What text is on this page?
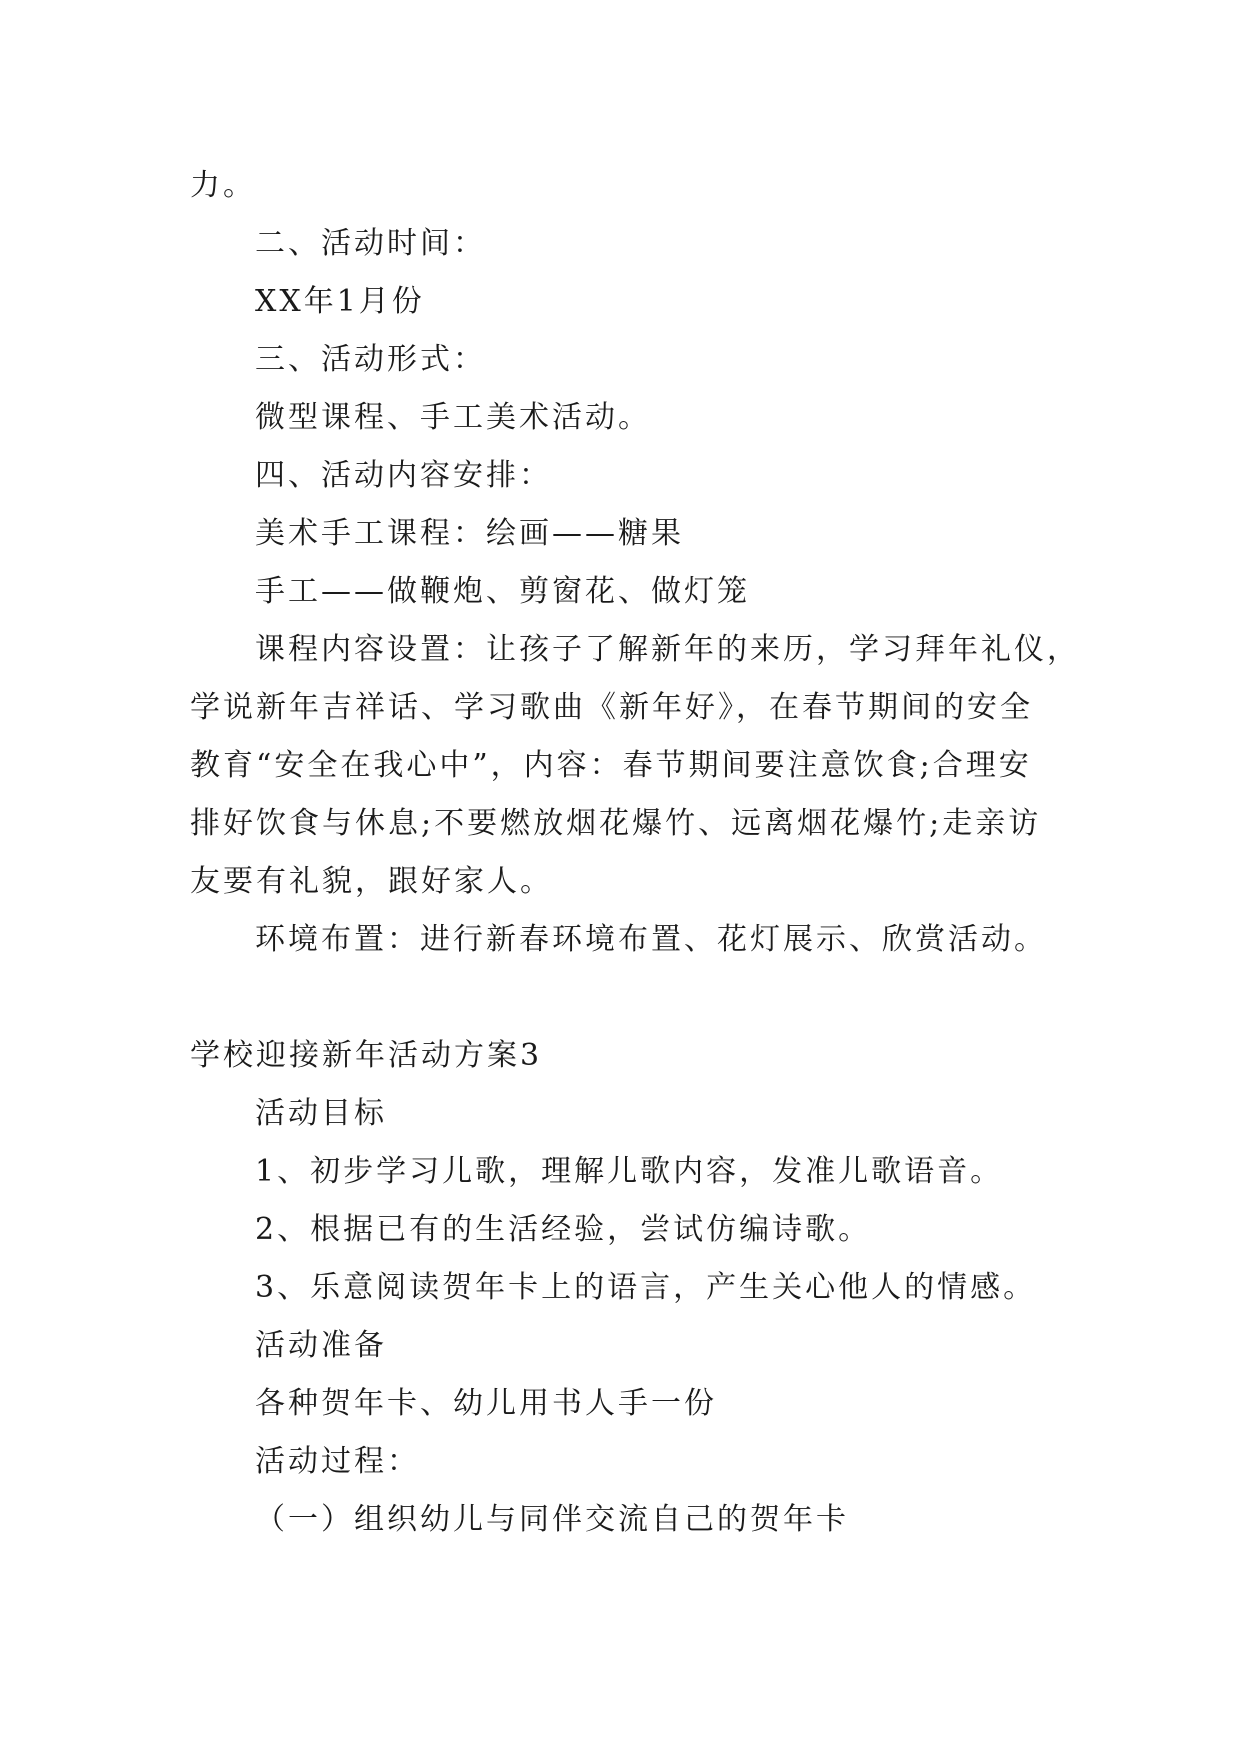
力。
二、活动时间：
XX年1月份
三、活动形式：
微型课程、手工美术活动。
四、活动内容安排：
美术手工课程：绘画——糖果
手工——做鞭炮、剪窗花、做灯笼
课程内容设置：让孩子了解新年的来历，学习拜年礼仪，
学说新年吉祥话、学习歌曲《新年好》，在春节期间的安全
教育“安全在我心中”，内容：春节期间要注意饮食;合理安
排好饮食与休息;不要燃放烟花爆竹、远离烟花爆竹;走亲访
友要有礼貌，跟好家人。
环境布置：进行新春环境布置、花灯展示、欣赏活动。
学校迎接新年活动方案3
活动目标
1、初步学习儿歌，理解儿歌内容，发准儿歌语音。
2、根据已有的生活经验，尝试仿编诗歌。
3、乐意阅读贺年卡上的语言，产生关心他人的情感。
活动准备
各种贺年卡、幼儿用书人手一份
活动过程：
（一）组织幼儿与同伴交流自己的贺年卡
